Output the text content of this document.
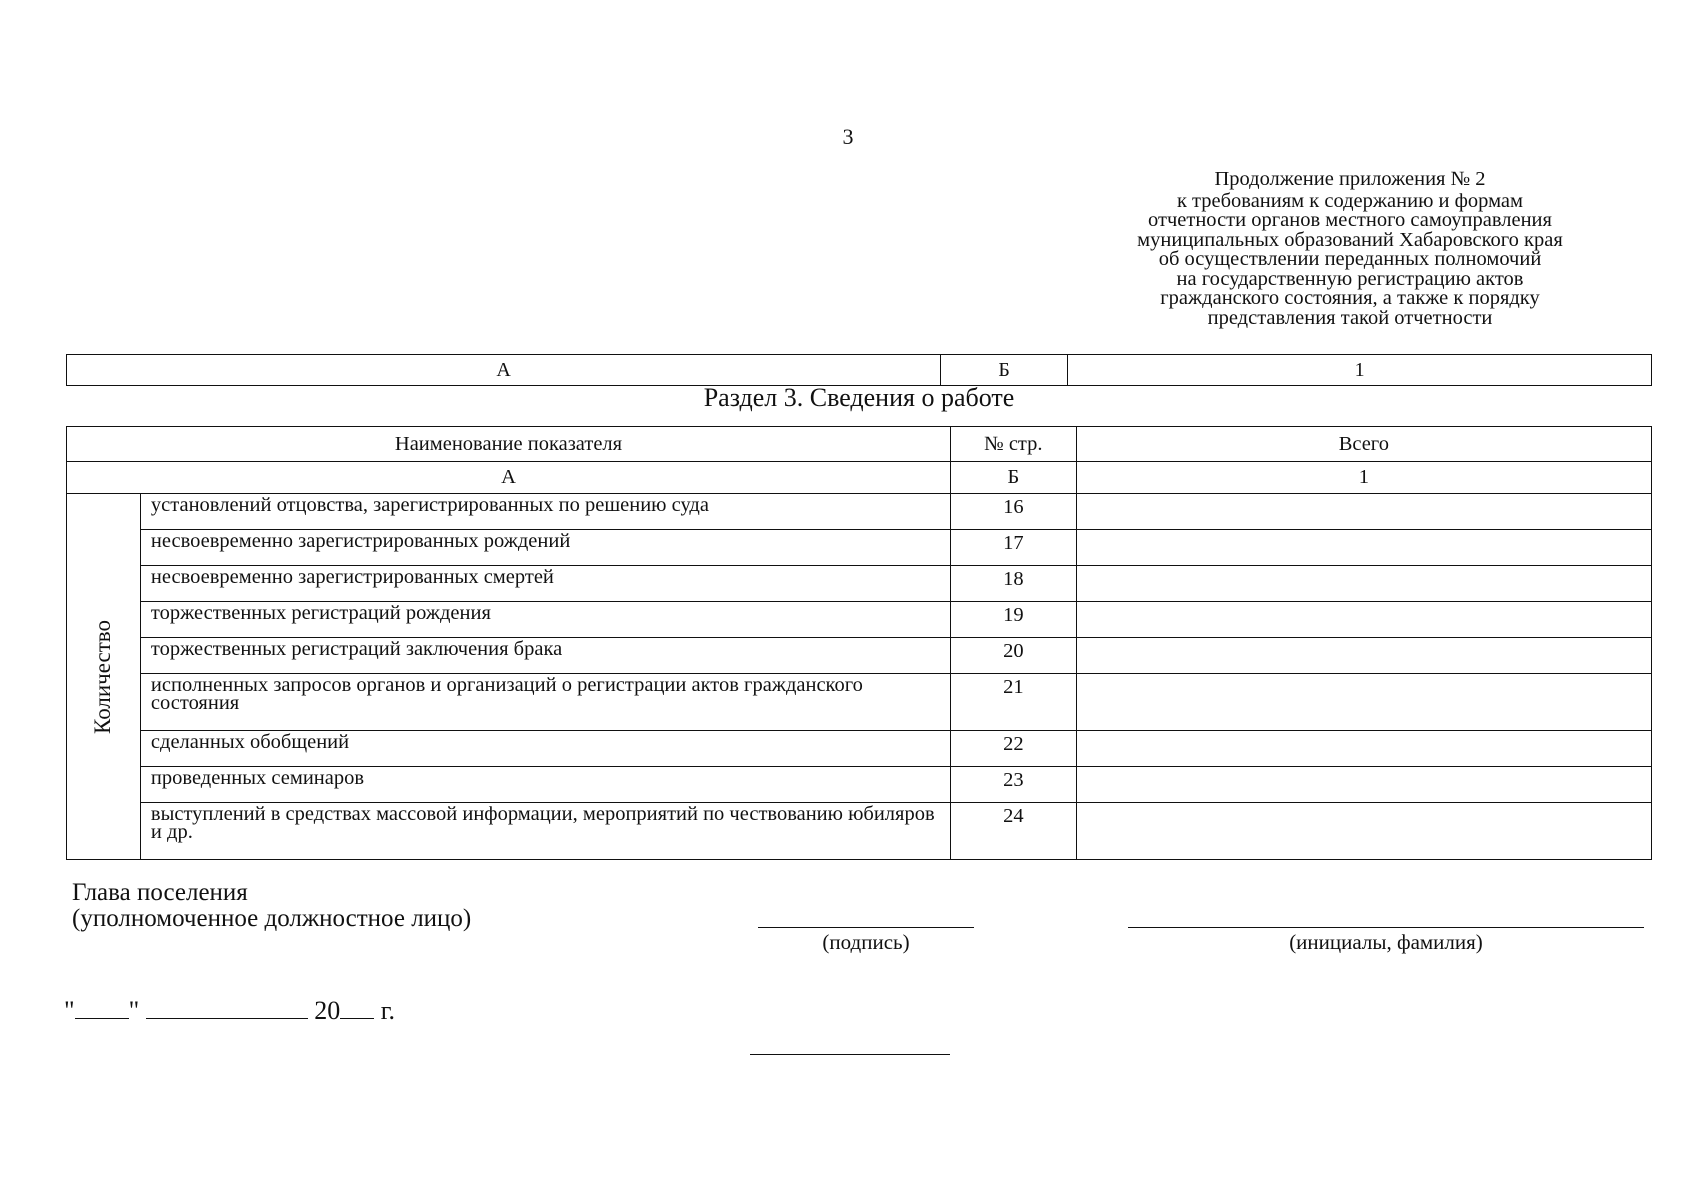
3
Продолжение приложения № 2
к требованиям к содержанию и формам
отчетности органов местного самоуправления
муниципальных образований Хабаровского края
об осуществлении переданных полномочий
на государственную регистрацию актов
гражданского состояния, а также к порядку
представления такой отчетности
А	Б	1
Раздел 3. Сведения о работе
Наименование показателя		№ стр.	Всего
А		Б	1

Количество	установлений отцовства, зарегистрированных по решению суда	16	
	несвоевременно зарегистрированных рождений	17	
	несвоевременно зарегистрированных смертей	18	
	торжественных регистраций рождения	19	
	торжественных регистраций заключения брака	20	
	исполненных запросов органов и организаций о регистрации актов гражданского состояния	21	
	сделанных обобщений	22	
	проведенных семинаров	23	
	выступлений в средствах массовой информации, мероприятий по чествованию юбиляров и др.	24	
Глава поселения
(уполномоченное должностное лицо)
(подпись)	(инициалы, фамилия)
" "	20 г.
